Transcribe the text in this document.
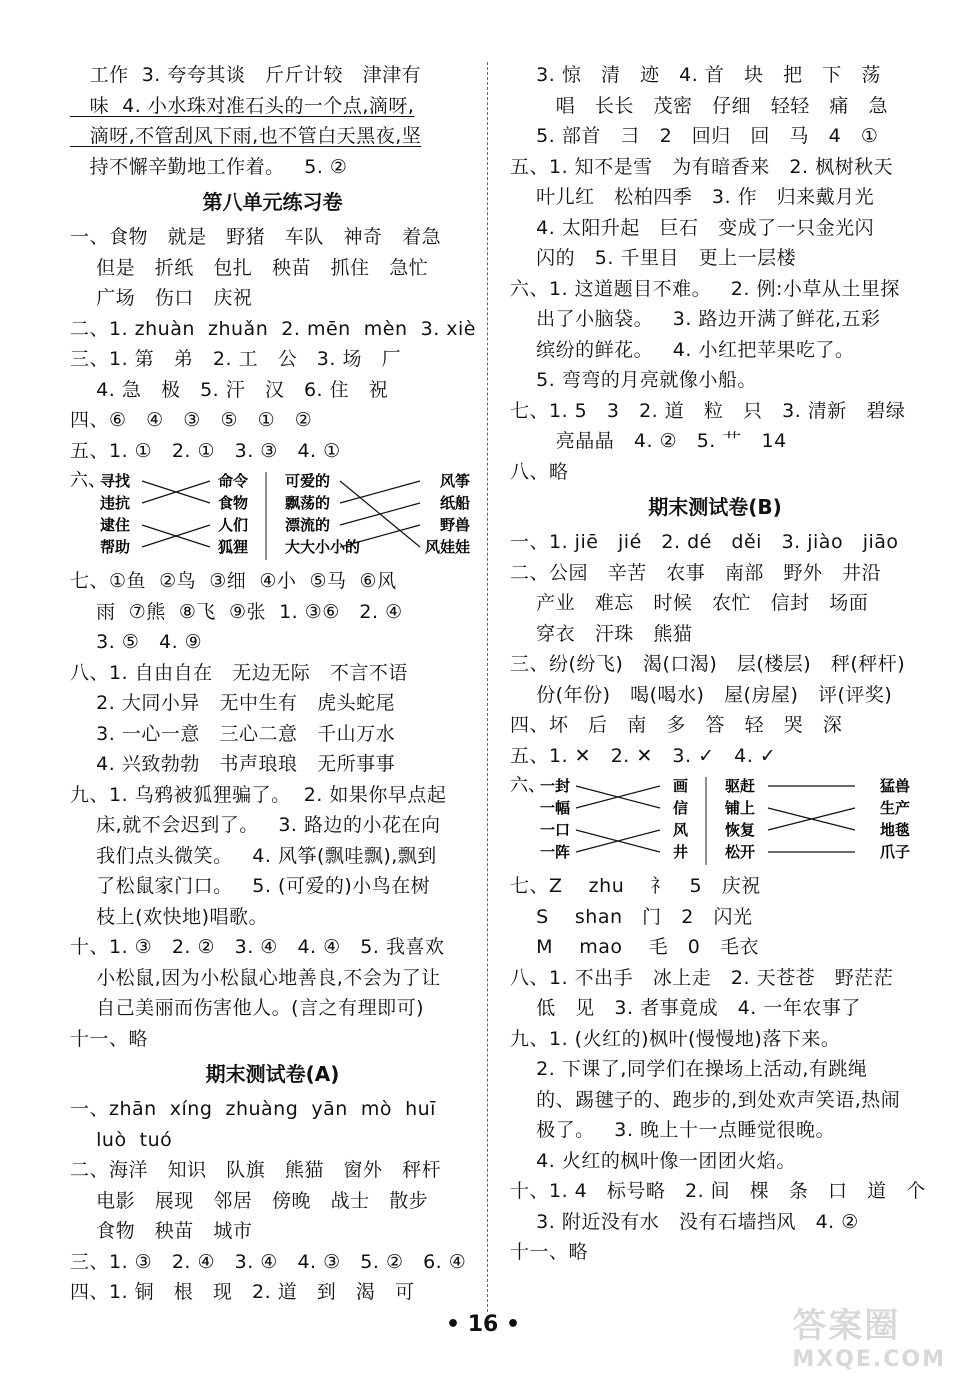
工作  3. 夸夸其谈   斤斤计较   津津有
味  4. 小水珠对准石头的一个点,滴呀,
滴呀,不管刮风下雨,也不管白天黑夜,坚
持不懈辛勤地工作着。   5. ②
第八单元练习卷
一、食物   就是   野猪   车队   神奇   着急
但是   折纸   包扎   秧苗   抓住   急忙
广场   伤口   庆祝
二、1. zhuàn  zhuǎn  2. mēn  mèn  3. xiè
三、1. 第   弟   2. 工   公   3. 场   厂
4. 急   极   5. 汗   汉   6. 住   祝
四、⑥   ④   ③   ⑤   ①   ②
五、1. ①   2. ①   3. ③   4. ①
六、
寻找
违抗
逮住
帮助
命令
食物
人们
狐狸
可爱的
飘荡的
漂流的
大大小小的
风筝
纸船
野兽
风娃娃
七、①鱼  ②鸟  ③细  ④小  ⑤马  ⑥风
雨  ⑦熊  ⑧飞  ⑨张  1. ③⑥   2. ④
3. ⑤   4. ⑨
八、1. 自由自在   无边无际   不言不语
2. 大同小异   无中生有   虎头蛇尾
3. 一心一意   三心二意   千山万水
4. 兴致勃勃   书声琅琅   无所事事
九、1. 乌鸦被狐狸骗了。  2. 如果你早点起
床,就不会迟到了。   3. 路边的小花在向
我们点头微笑。   4. 风筝(飘哇飘),飘到
了松鼠家门口。   5. (可爱的)小鸟在树
枝上(欢快地)唱歌。
十、1. ③   2. ②   3. ④   4. ④   5. 我喜欢
小松鼠,因为小松鼠心地善良,不会为了让
自己美丽而伤害他人。(言之有理即可)
十一、略
期末测试卷(A)
一、zhān  xíng  zhuàng  yān  mò  huī
luò  tuó
二、海洋   知识   队旗   熊猫   窗外   秤杆
电影   展现   邻居   傍晚   战士   散步
食物   秧苗   城市
三、1. ③   2. ④   3. ④   4. ③   5. ②   6. ④
四、1. 铜   根   现   2. 道   到   渴   可
3. 惊   清   迹   4. 首   块   把   下   荡
唱   长长   茂密   仔细   轻轻   痛   急
5. 部首   彐   2   回归   回   马   4   ①
五、1. 知不是雪   为有暗香来   2. 枫树秋天
叶儿红   松柏四季   3. 作   归来戴月光
4. 太阳升起   巨石   变成了一只金光闪
闪的   5. 千里目   更上一层楼
六、1. 这道题目不难。   2. 例:小草从土里探
出了小脑袋。   3. 路边开满了鲜花,五彩
缤纷的鲜花。   4. 小红把苹果吃了。
5. 弯弯的月亮就像小船。
七、1. 5   3   2. 道   粒   只   3. 清新   碧绿
亮晶晶   4. ②   5. 艹   14
八、略
期末测试卷(B)
一、1. jiē   jié   2. dé   děi   3. jiào   jiāo
二、公园   辛苦   农事   南部   野外   井沿
产业   难忘   时候   农忙   信封   场面
穿衣   汗珠   熊猫
三、纷(纷飞)   渴(口渴)   层(楼层)   秤(秤杆)
份(年份)   喝(喝水)   屋(房屋)   评(评奖)
四、坏   后   南   多   答   轻   哭   深
五、1. ✕   2. ✕   3. ✓   4. ✓
六、
一封
一幅
一口
一阵
画
信
风
井
驱赶
铺上
恢复
松开
猛兽
生产
地毯
爪子
七、Z    zhu    礻   5   庆祝
S    shan   门   2   闪光
M    mao    毛   0   毛衣
八、1. 不出手   冰上走   2. 天苍苍   野茫茫
低   见   3. 者事竟成   4. 一年农事了
九、1. (火红的)枫叶(慢慢地)落下来。
2. 下课了,同学们在操场上活动,有跳绳
的、踢毽子的、跑步的,到处欢声笑语,热闹
极了。   3. 晚上十一点睡觉很晚。
4. 火红的枫叶像一团团火焰。
十、1. 4   标号略   2. 间   棵   条   口   道   个
3. 附近没有水   没有石墙挡风   4. ②
十一、略
• 16 •	答案圈
MXQE.COM
